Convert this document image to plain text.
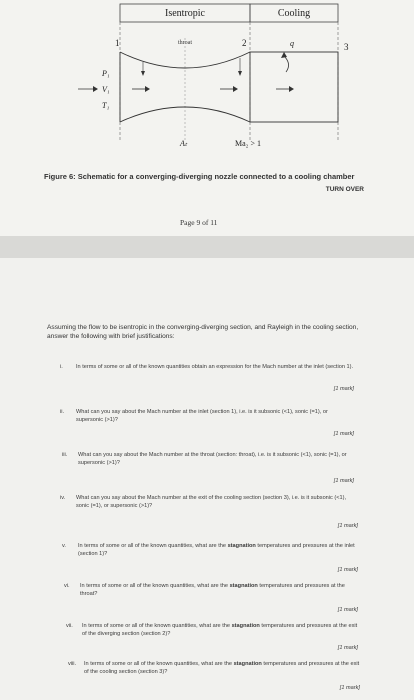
Isentropic	Cooling
1	2	3
throat	q
P₁
V₁
T₁
Aₜ	Ma₂ > 1
Figure 6: Schematic for a converging-diverging nozzle connected to a cooling chamber
TURN OVER
Page 9 of 11
Assuming the flow to be isentropic in the converging-diverging section, and Rayleigh in the cooling section, answer the following with brief justifications:
i. In terms of some or all of the known quantities obtain an expression for the Mach number at the inlet (section 1).
[1 mark]
ii. What can you say about the Mach number at the inlet (section 1), i.e. is it subsonic (<1), sonic (=1), or supersonic (>1)?
[1 mark]
iii. What can you say about the Mach number at the throat (section: throat), i.e. is it subsonic (<1), sonic (=1), or supersonic (>1)?
[1 mark]
iv. What can you say about the Mach number at the exit of the cooling section (section 3), i.e. is it subsonic (<1), sonic (=1), or supersonic (>1)?
[1 mark]
v. In terms of some or all of the known quantities, what are the stagnation temperatures and pressures at the inlet (section 1)?
[1 mark]
vi. In terms of some or all of the known quantities, what are the stagnation temperatures and pressures at the throat?
[1 mark]
vii. In terms of some or all of the known quantities, what are the stagnation temperatures and pressures at the exit of the diverging section (section 2)?
[1 mark]
viii. In terms of some or all of the known quantities, what are the stagnation temperatures and pressures at the exit of the cooling section (section 3)?
[1 mark]
